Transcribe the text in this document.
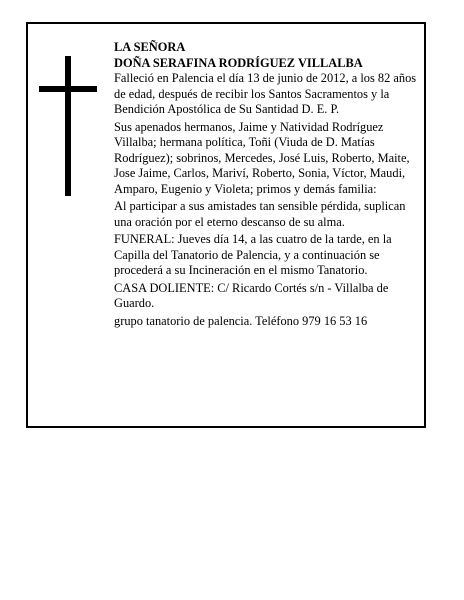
LA SEÑORA

DOÑA SERAFINA RODRÍGUEZ VILLALBA

Falleció en Palencia el día 13 de junio de 2012, a los 82 años de edad, después de recibir los Santos Sacramentos y la Bendición Apostólica de Su Santidad D. E. P.

Sus apenados hermanos, Jaime y Natividad Rodríguez Villalba; hermana política, Toñi (Viuda de D. Matías Rodríguez); sobrinos, Mercedes, José Luis, Roberto, Maite, Jose Jaime, Carlos, Mariví, Roberto, Sonia, Víctor, Maudi, Amparo, Eugenio y Violeta; primos y demás familia:

Al participar a sus amistades tan sensible pérdida, suplican una oración por el eterno descanso de su alma.

FUNERAL: Jueves día 14, a las cuatro de la tarde, en la Capilla del Tanatorio de Palencia, y a continuación se procederá a su Incineración en el mismo Tanatorio.

CASA DOLIENTE: C/ Ricardo Cortés s/n - Villalba de Guardo.

grupo tanatorio de palencia. Teléfono 979 16 53 16
